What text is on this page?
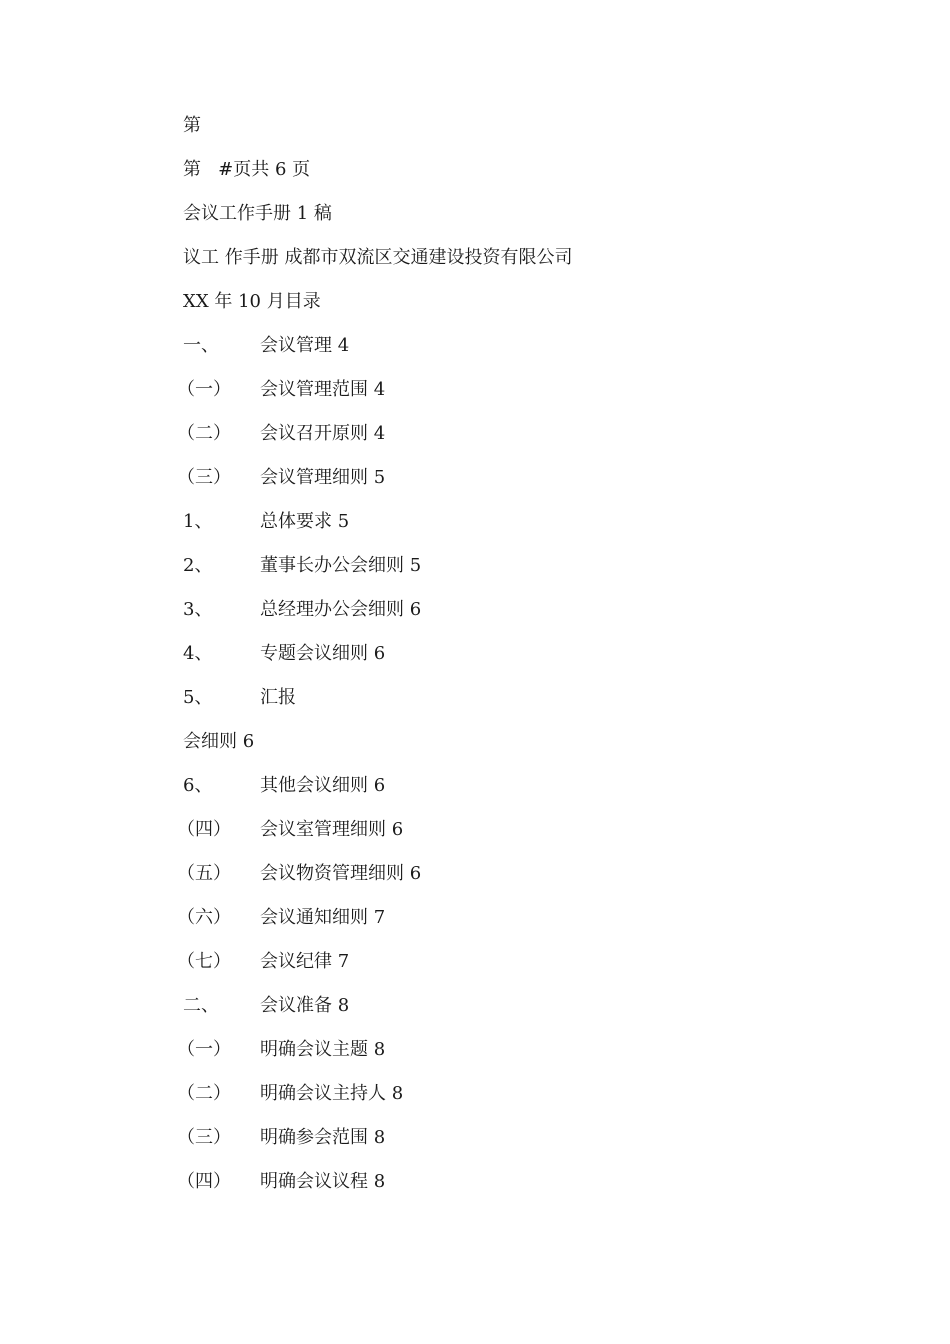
第
第   #页共 6 页
会议工作手册 1 稿
议工 作手册 成都市双流区交通建设投资有限公司
XX 年 10 月目录
一、 会议管理 4
（一） 会议管理范围 4
（二） 会议召开原则 4
（三） 会议管理细则 5
1、	总体要求 5
2、	董事长办公会细则 5
3、	总经理办公会细则 6
4、	专题会议细则 6
5、	汇报
会细则 6
6、	其他会议细则 6
（四） 会议室管理细则 6
（五） 会议物资管理细则 6
（六） 会议通知细则 7
（七） 会议纪律 7
二、 会议准备 8
（一） 明确会议主题 8
（二） 明确会议主持人 8
（三） 明确参会范围 8
（四） 明确会议议程 8
